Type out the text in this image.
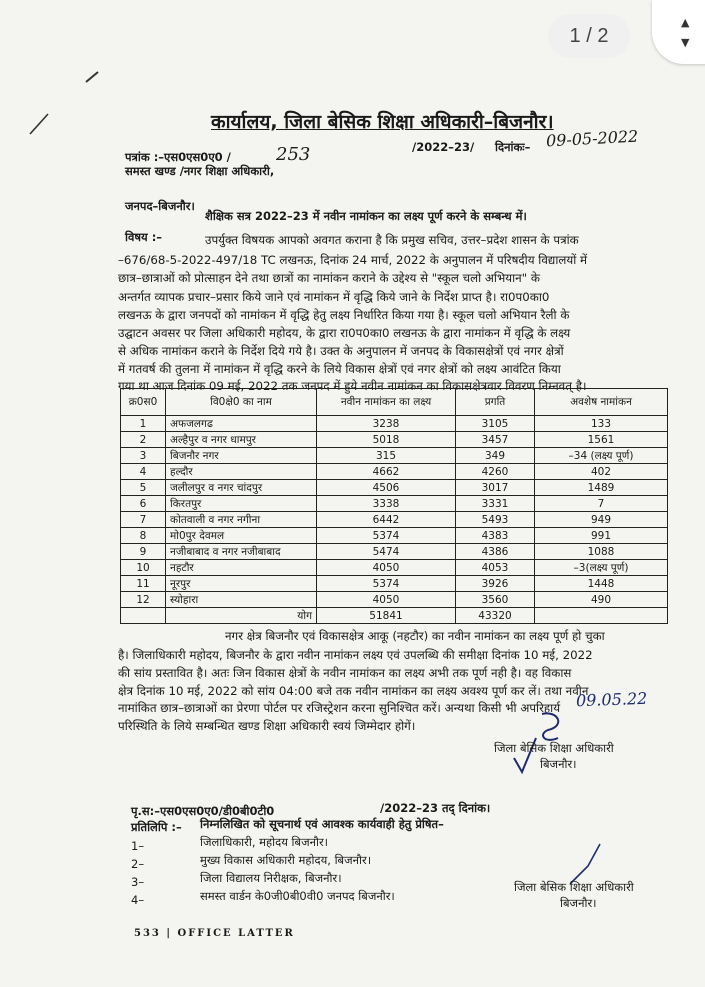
1 / 2
▲
▼
कार्यालय, जिला बेसिक शिक्षा अधिकारी–बिजनौर।
पत्रांक :–एस0एस0ए0 /	253	/2022–23/ दिनांकः– 09-05-2022
समस्त खण्ड /नगर शिक्षा अधिकारी,
जनपद–बिजनौर।
विषय :–
शैक्षिक सत्र 2022–23 में नवीन नामांकन का लक्ष्य पूर्ण करने के सम्बन्ध में।
उपर्युक्त विषयक आपको अवगत कराना है कि प्रमुख सचिव, उत्तर–प्रदेश शासन के पत्रांक
–676/68-5-2022-497/18 TC लखनऊ, दिनांक 24 मार्च, 2022 के अनुपालन में परिषदीय विद्यालयों में
छात्र–छात्राओं को प्रोत्साहन देने तथा छात्रों का नामांकन कराने के उद्देश्य से "स्कूल चलो अभियान" के
अन्तर्गत व्यापक प्रचार–प्रसार किये जाने एवं नामांकन में वृद्धि किये जाने के निर्देश प्राप्त है। रा0प0का0
लखनऊ के द्वारा जनपदों को नामांकन में वृद्धि हेतु लक्ष्य निर्धारित किया गया है। स्कूल चलो अभियान रैली के
उद्घाटन अवसर पर जिला अधिकारी महोदय, के द्वारा रा0प0का0 लखनऊ के द्वारा नामांकन में वृद्धि के लक्ष्य
से अधिक नामांकन कराने के निर्देश दिये गये है। उक्त के अनुपालन में जनपद के विकासक्षेत्रों एवं नगर क्षेत्रों
में गतवर्ष की तुलना में नामांकन में वृद्धि करने के लिये विकास क्षेत्रों एवं नगर क्षेत्रों को लक्ष्य आवंटित किया
गया था आज दिनांक 09 मई, 2022 तक जनपद में हुये नवीन नामांकन का विकासक्षेत्रवार विवरण निम्नवत् है।
क्र0स0	वि0क्षे0 का नाम	नवीन नामांकन का लक्ष्य	प्रगति	अवशेष नामांकन
1	अफजलगढ	3238	3105	133
2	अल्हैपुर व नगर धामपुर	5018	3457	1561
3	बिजनौर नगर	315	349	–34 (लक्ष्य पूर्ण)
4	हल्दौर	4662	4260	402
5	जलीलपुर व नगर चांदपुर	4506	3017	1489
6	किरतपुर	3338	3331	7
7	कोतवाली व नगर नगीना	6442	5493	949
8	मो0पुर देवमल	5374	4383	991
9	नजीबाबाद व नगर नजीबाबाद	5474	4386	1088
10	नहटौर	4050	4053	–3(लक्ष्य पूर्ण)
11	नूरपुर	5374	3926	1448
12	स्योहारा	4050	3560	490
	योग	51841	43320	
नगर क्षेत्र बिजनौर एवं विकासक्षेत्र आकू (नहटौर) का नवीन नामांकन का लक्ष्य पूर्ण हो चुका
है। जिलाधिकारी महोदय, बिजनौर के द्वारा नवीन नामांकन लक्ष्य एवं उपलब्धि की समीक्षा दिनांक 10 मई, 2022
की सांय प्रस्तावित है। अतः जिन विकास क्षेत्रों के नवीन नामांकन का लक्ष्य अभी तक पूर्ण नही है। वह विकास
क्षेत्र दिनांक 10 मई, 2022 को सांय 04:00 बजे तक नवीन नामांकन का लक्ष्य अवश्य पूर्ण कर लें। तथा नवीन
नामांकित छात्र–छात्राओं का प्रेरणा पोर्टल पर रजिस्ट्रेशन करना सुनिश्चित करें। अन्यथा किसी भी अपरिहार्य
परिस्थिति के लिये सम्बन्धित खण्ड शिक्षा अधिकारी स्वयं जिम्मेदार होगें।
09.05.22
जिला बेसिक शिक्षा अधिकारी
बिजनौर।
पृ.स:–एस0एस0ए0/डी0बी0टी0	/2022–23 तद् दिनांक।
प्रतिलिपि :– निम्नलिखित को सूचनार्थ एवं आवश्क कार्यवाही हेतु प्रेषित–
1–	जिलाधिकारी, महोदय बिजनौर।
2–	मुख्य विकास अधिकारी महोदय, बिजनौर।
3–	जिला विद्यालय निरीक्षक, बिजनौर।
4–	समस्त वार्डन के0जी0बी0वी0 जनपद बिजनौर।
जिला बेसिक शिक्षा अधिकारी
बिजनौर।
533 | OFFICE LATTER
